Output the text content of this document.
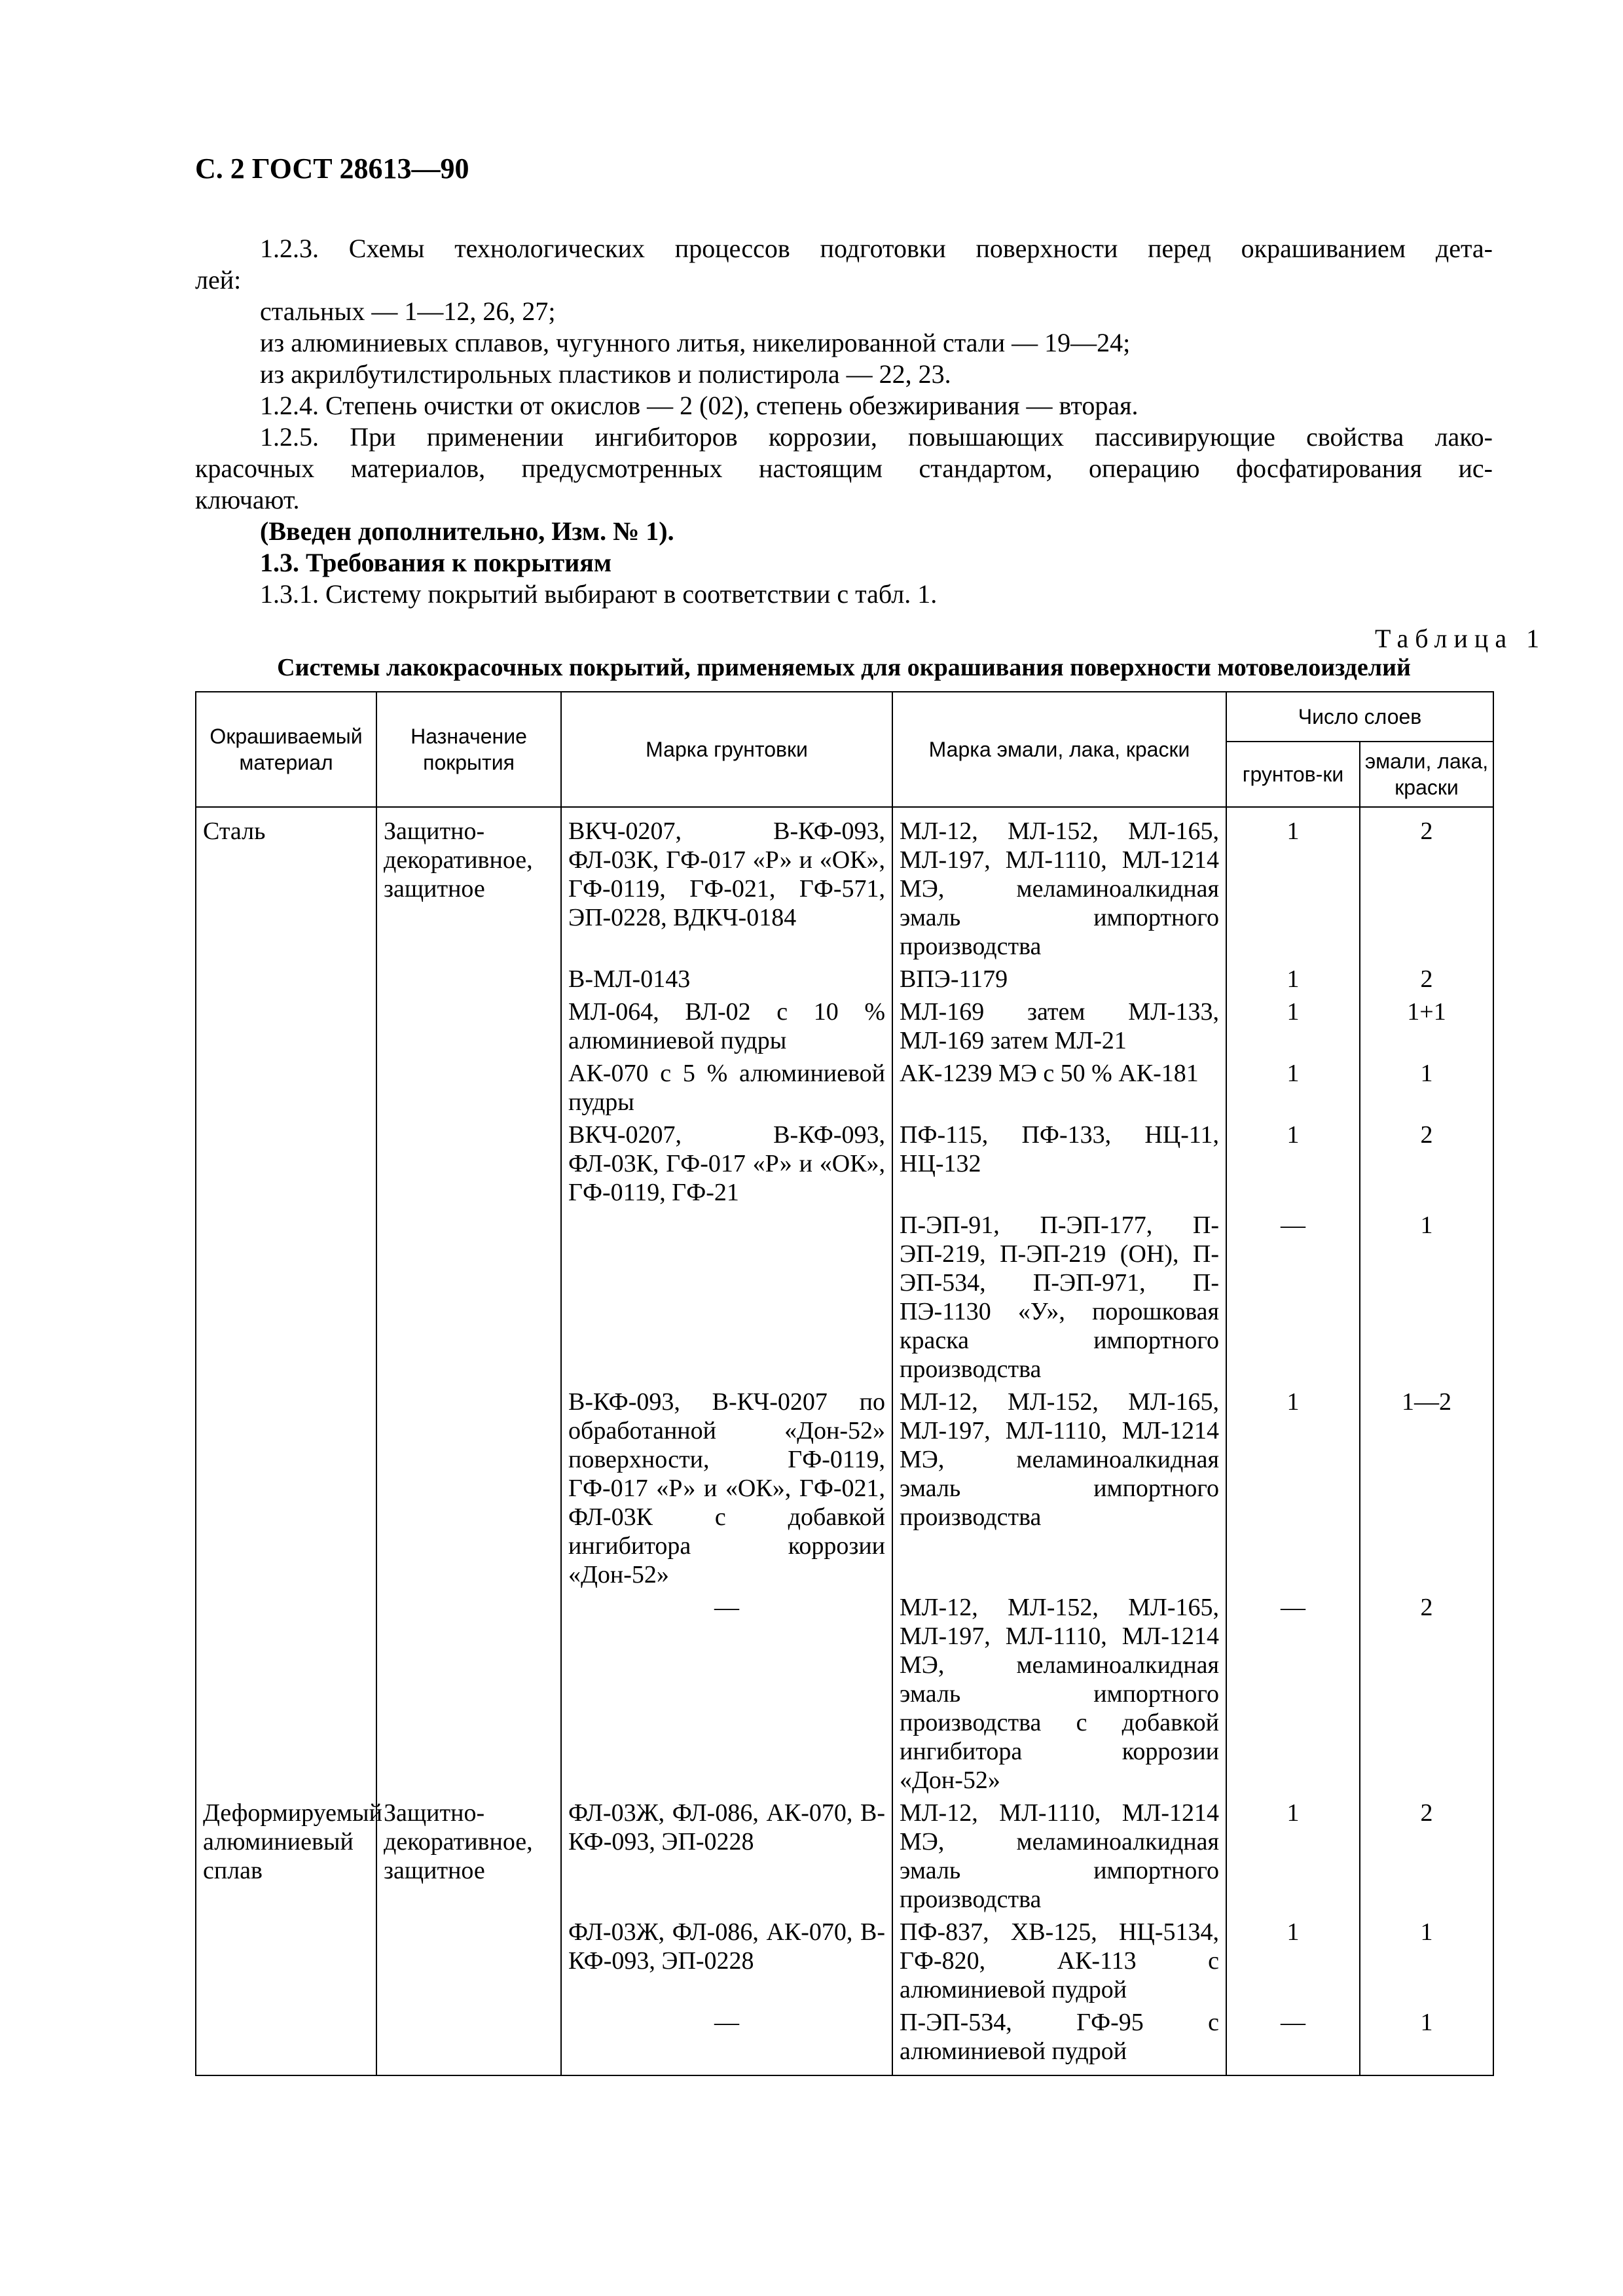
С. 2 ГОСТ 28613—90
1.2.3. Схемы технологических процессов подготовки поверхности перед окрашиванием дета-
лей:
стальных — 1—12, 26, 27;
из алюминиевых сплавов, чугунного литья, никелированной стали — 19—24;
из акрилбутилстирольных пластиков и полистирола — 22, 23.
1.2.4. Степень очистки от окислов — 2 (02), степень обезжиривания — вторая.
1.2.5. При применении ингибиторов коррозии, повышающих пассивирующие свойства лако-
красочных материалов, предусмотренных настоящим стандартом, операцию фосфатирования ис-
ключают.
(Введен дополнительно, Изм. № 1).
1.3. Требования к покрытиям
1.3.1. Систему покрытий выбирают в соответствии с табл. 1.
Таблица 1
Системы лакокрасочных покрытий, применяемых для окрашивания поверхности мотовелоизделий
Окрашиваемый материал	Назначение покрытия	Марка грунтовки	Марка эмали, лака, краски	Число слоев	
				грунтов-ки	эмали, лака, краски
Сталь	Защитно-декоративное, защитное	ВКЧ-0207, В-КФ-093, ФЛ-03К, ГФ-017 «Р» и «ОК», ГФ-0119, ГФ-021, ГФ-571, ЭП-0228, ВДКЧ-0184	МЛ-12, МЛ-152, МЛ-165, МЛ-197, МЛ-1110, МЛ-1214 МЭ, меламиноалкидная эмаль импортного производства	1	2
		В-МЛ-0143	ВПЭ-1179	1	2
		МЛ-064, ВЛ-02 с 10 % алюминиевой пудры	МЛ-169 затем МЛ-133, МЛ-169 затем МЛ-21	1	1+1
		АК-070 с 5 % алюминиевой пудры	АК-1239 МЭ с 50 % АК-181	1	1
		ВКЧ-0207, В-КФ-093, ФЛ-03К, ГФ-017 «Р» и «ОК», ГФ-0119, ГФ-21	ПФ-115, ПФ-133, НЦ-11, НЦ-132	1	2
			П-ЭП-91, П-ЭП-177, П-ЭП-219, П-ЭП-219 (ОН), П-ЭП-534, П-ЭП-971, П-ПЭ-1130 «У», порошковая краска импортного производства	—	1
		В-КФ-093, В-КЧ-0207 по обработанной «Дон-52» поверхности, ГФ-0119, ГФ-017 «Р» и «ОК», ГФ-021, ФЛ-03К с добавкой ингибитора коррозии «Дон-52»	МЛ-12, МЛ-152, МЛ-165, МЛ-197, МЛ-1110, МЛ-1214 МЭ, меламиноалкидная эмаль импортного производства	1	1—2
		—	МЛ-12, МЛ-152, МЛ-165, МЛ-197, МЛ-1110, МЛ-1214 МЭ, меламиноалкидная эмаль импортного производства с добавкой ингибитора коррозии «Дон-52»	—	2
Деформируемый алюминиевый сплав	Защитно-декоративное, защитное	ФЛ-03Ж, ФЛ-086, АК-070, В-КФ-093, ЭП-0228	МЛ-12, МЛ-1110, МЛ-1214 МЭ, меламиноалкидная эмаль импортного производства	1	2
		ФЛ-03Ж, ФЛ-086, АК-070, В-КФ-093, ЭП-0228	ПФ-837, ХВ-125, НЦ-5134, ГФ-820, АК-113 с алюминиевой пудрой	1	1
		—	П-ЭП-534, ГФ-95 с алюминиевой пудрой	—	1
